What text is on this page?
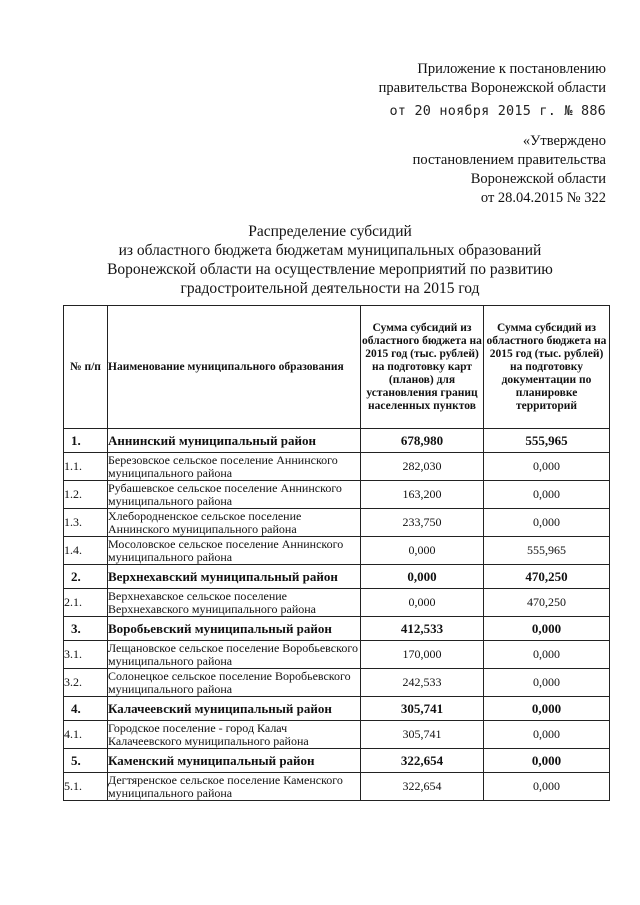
Приложение к постановлению
правительства Воронежской области
от 20 ноября 2015 г. № 886
«Утверждено
постановлением правительства
Воронежской области
от 28.04.2015 № 322
Распределение субсидий
из областного бюджета бюджетам муниципальных образований
Воронежской области на осуществление мероприятий по развитию
градостроительной деятельности на 2015 год
№ п/п	Наименование муниципального образования	Сумма субсидий из областного бюджета на 2015 год (тыс. рублей) на подготовку карт (планов) для установления границ населенных пунктов	Сумма субсидий из областного бюджета на 2015 год (тыс. рублей) на подготовку документации по планировке территорий
1.	Аннинский муниципальный район	678,980	555,965
1.1.	Березовское сельское поселение Аннинского муниципального района	282,030	0,000
1.2.	Рубашевское сельское поселение Аннинского муниципального района	163,200	0,000
1.3.	Хлебородненское сельское поселение Аннинского муниципального района	233,750	0,000
1.4.	Мосоловское сельское поселение Аннинского муниципального района	0,000	555,965
2.	Верхнехавский муниципальный район	0,000	470,250
2.1.	Верхнехавское сельское поселение Верхнехавского муниципального района	0,000	470,250
3.	Воробьевский муниципальный район	412,533	0,000
3.1.	Лещановское сельское поселение Воробьевского муниципального района	170,000	0,000
3.2.	Солонецкое сельское поселение Воробьевского муниципального района	242,533	0,000
4.	Калачеевский муниципальный район	305,741	0,000
4.1.	Городское поселение - город Калач Калачеевского муниципального района	305,741	0,000
5.	Каменский муниципальный район	322,654	0,000
5.1.	Дегтяренское сельское поселение Каменского муниципального района	322,654	0,000
